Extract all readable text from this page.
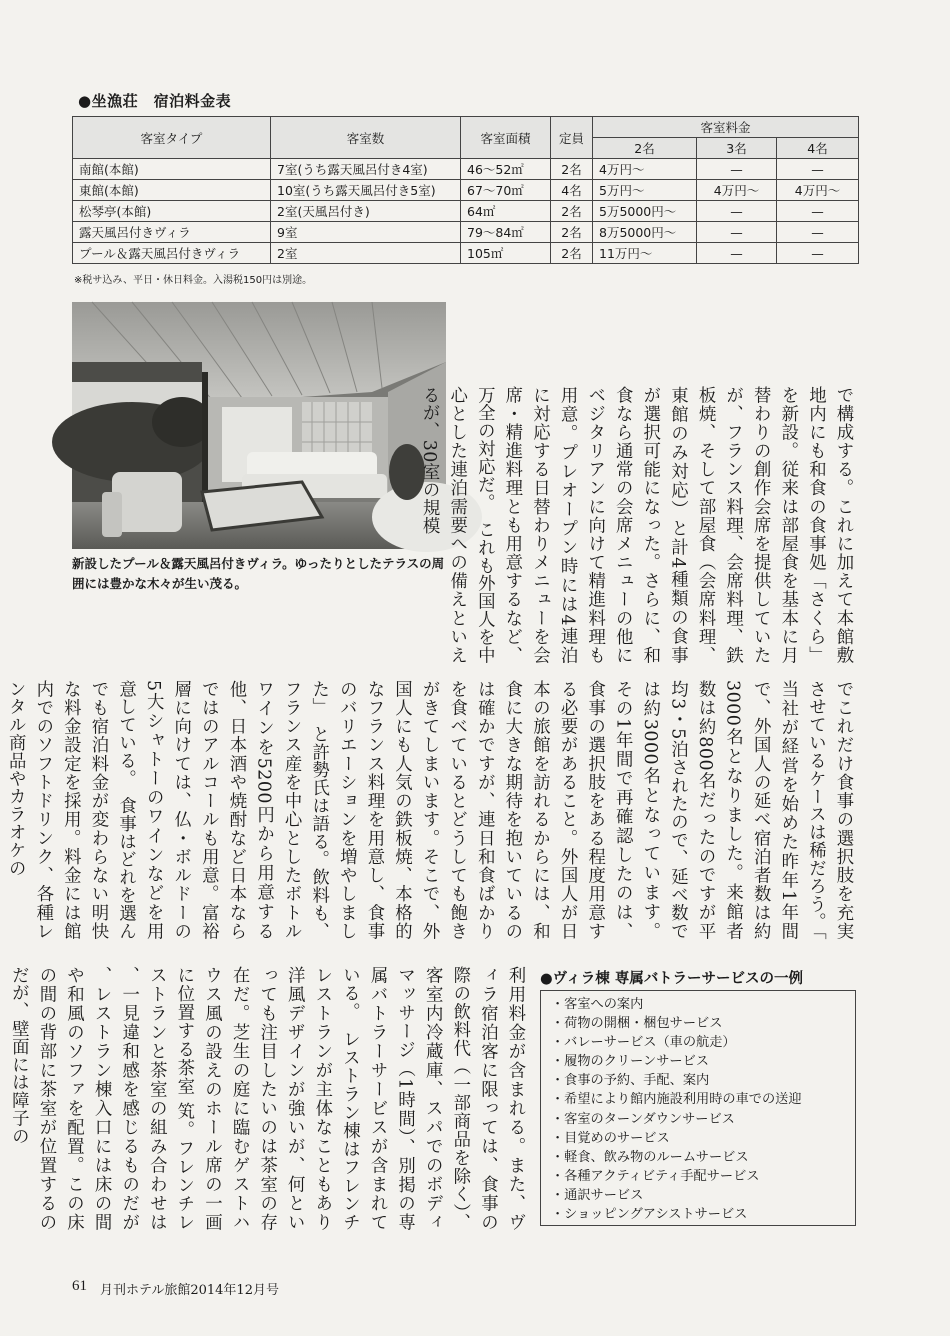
●坐漁荘　宿泊料金表
客室タイプ	客室数	客室面積	定員	客室料金		
				2名	3名	4名
南館(本館)	7室(うち露天風呂付き4室)	46～52㎡	2名	4万円～	—	—
東館(本館)	10室(うち露天風呂付き5室)	67～70㎡	4名	5万円～	4万円～	4万円～
松琴亭(本館)	2室(天風呂付き)	64㎡	2名	5万5000円～	—	—
露天風呂付きヴィラ	9室	79～84㎡	2名	8万5000円～	—	—
プール＆露天風呂付きヴィラ	2室	105㎡	2名	11万円～	—	—
※税サ込み、平日・休日料金。入湯税150円は別途。
新設したプール＆露天風呂付きヴィラ。ゆったりとしたテラスの周囲には豊かな木々が生い茂る。	で構成する。これに加えて本館敷地内にも和食の食事処「さくら」を新設。従来は部屋食を基本に月替わりの創作会席を提供していたが、フランス料理、会席料理、鉄板焼、そして部屋食（会席料理、東館のみ対応）と計4種類の食事が選択可能になった。さらに、和食なら通常の会席メニューの他にベジタリアンに向けて精進料理も用意。プレオープン時には4連泊に対応する日替わりメニューを会席・精進料理とも用意するなど、万全の対応だ。　これも外国人を中心とした連泊需要への備えといえるが、30室の規模
でこれだけ食事の選択肢を充実させているケースは稀だろう。「当社が経営を始めた昨年1年間で、外国人の延べ宿泊者数は約3000名となりました。来館者数は約800名だったのですが平均3・5泊されたので、延べ数では約3000名となっています。その1年間で再確認したのは、食事の選択肢をある程度用意する必要があること。外国人が日本の旅館を訪れるからには、和食に大きな期待を抱いているのは確かですが、連日和食ばかりを食べているとどうしても飽きがきてしまいます。そこで、外国人にも人気の鉄板焼、本格的なフランス料理を用意し、食事のバリエーションを増やしました」　と許勢氏は語る。飲料も、フランス産を中心としたボトルワインを5200円から用意する他、日本酒や焼酎など日本ならではのアルコールも用意。富裕層に向けては、仏・ボルドーの5大シャトーのワインなどを用意している。　食事はどれを選んでも宿泊料金が変わらない明快な料金設定を採用。料金には館内でのソフトドリンク、各種レンタル商品やカラオケの
利用料金が含まれる。また、ヴィラ宿泊客に限っては、食事の際の飲料代（一部商品を除く）、客室内冷蔵庫、スパでのボディマッサージ（1時間）、別掲の専属バトラーサービスが含まれている。　レストラン棟はフレンチレストランが主体なこともあり洋風デザインが強いが、何といっても注目したいのは茶室の存在だ。芝生の庭に臨むゲストハウス風の設えのホール席の一画に位置する茶室 笂。フレンチレストランと茶室の組み合わせは、一見違和感を感じるものだが、レストラン棟入口には床の間や和風のソファを配置。この床の間の背部に茶室が位置するのだが、壁面には障子の	●ヴィラ棟 専属バトラーサービスの一例
・客室への案内
・荷物の開梱・梱包サービス
・バレーサービス（車の航走）
・履物のクリーンサービス
・食事の予約、手配、案内
・希望により館内施設利用時の車での送迎
・客室のターンダウンサービス
・目覚めのサービス
・軽食、飲み物のルームサービス
・各種アクティビティ手配サービス
・通訳サービス
・ショッピングアシストサービス
61 月刊ホテル旅館2014年12月号
